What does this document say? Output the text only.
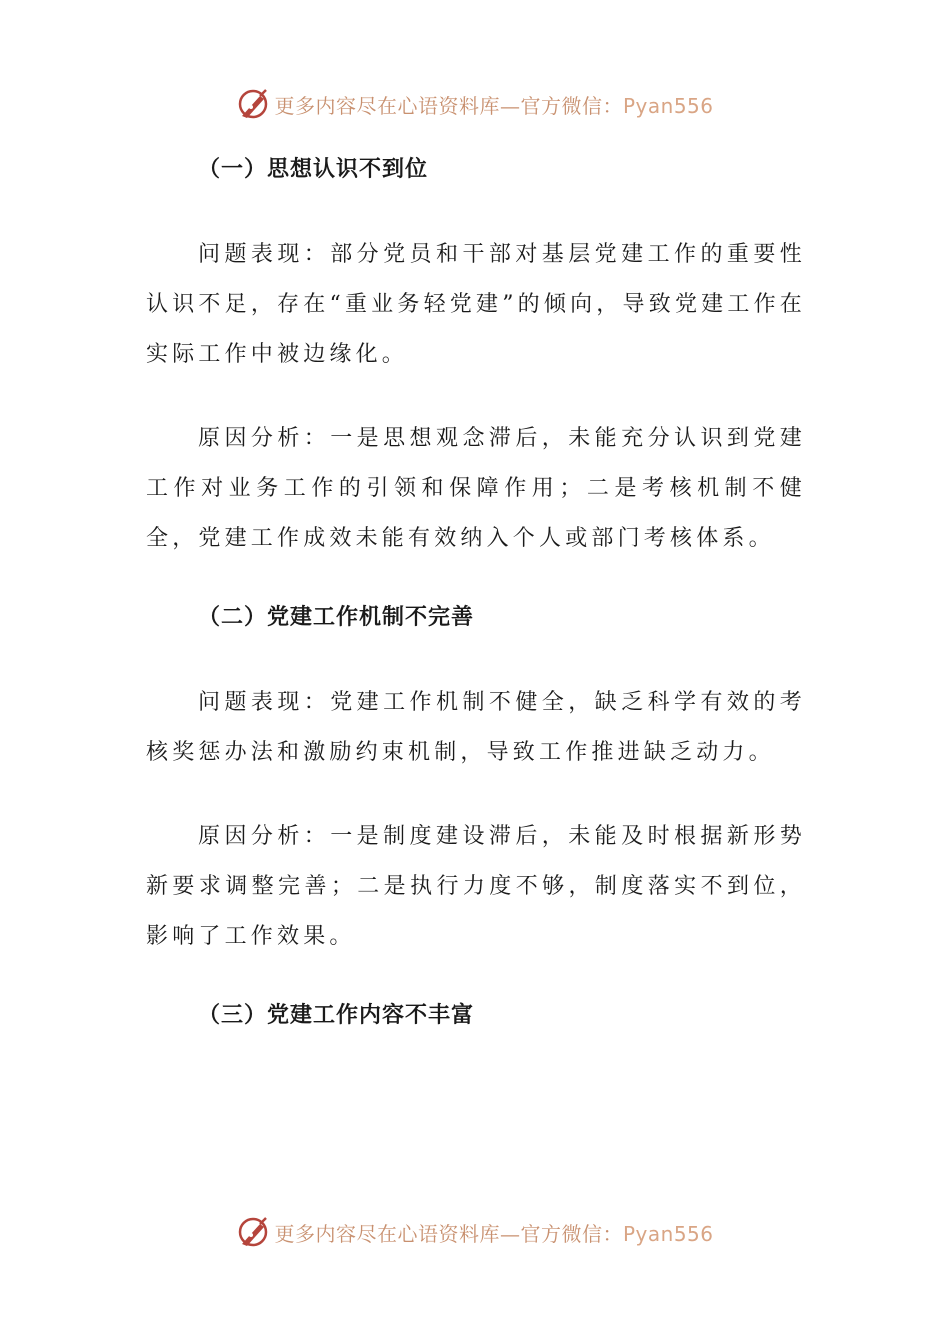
更多内容尽在心语资料库—官方微信：Pyan556

（一）思想认识不到位

问题表现：部分党员和干部对基层党建工作的重要性认识不足，存在“重业务轻党建”的倾向，导致党建工作在实际工作中被边缘化。

原因分析：一是思想观念滞后，未能充分认识到党建工作对业务工作的引领和保障作用；二是考核机制不健全，党建工作成效未能有效纳入个人或部门考核体系。

（二）党建工作机制不完善

问题表现：党建工作机制不健全，缺乏科学有效的考核奖惩办法和激励约束机制，导致工作推进缺乏动力。

原因分析：一是制度建设滞后，未能及时根据新形势新要求调整完善；二是执行力度不够，制度落实不到位，影响了工作效果。

（三）党建工作内容不丰富

更多内容尽在心语资料库—官方微信：Pyan556
